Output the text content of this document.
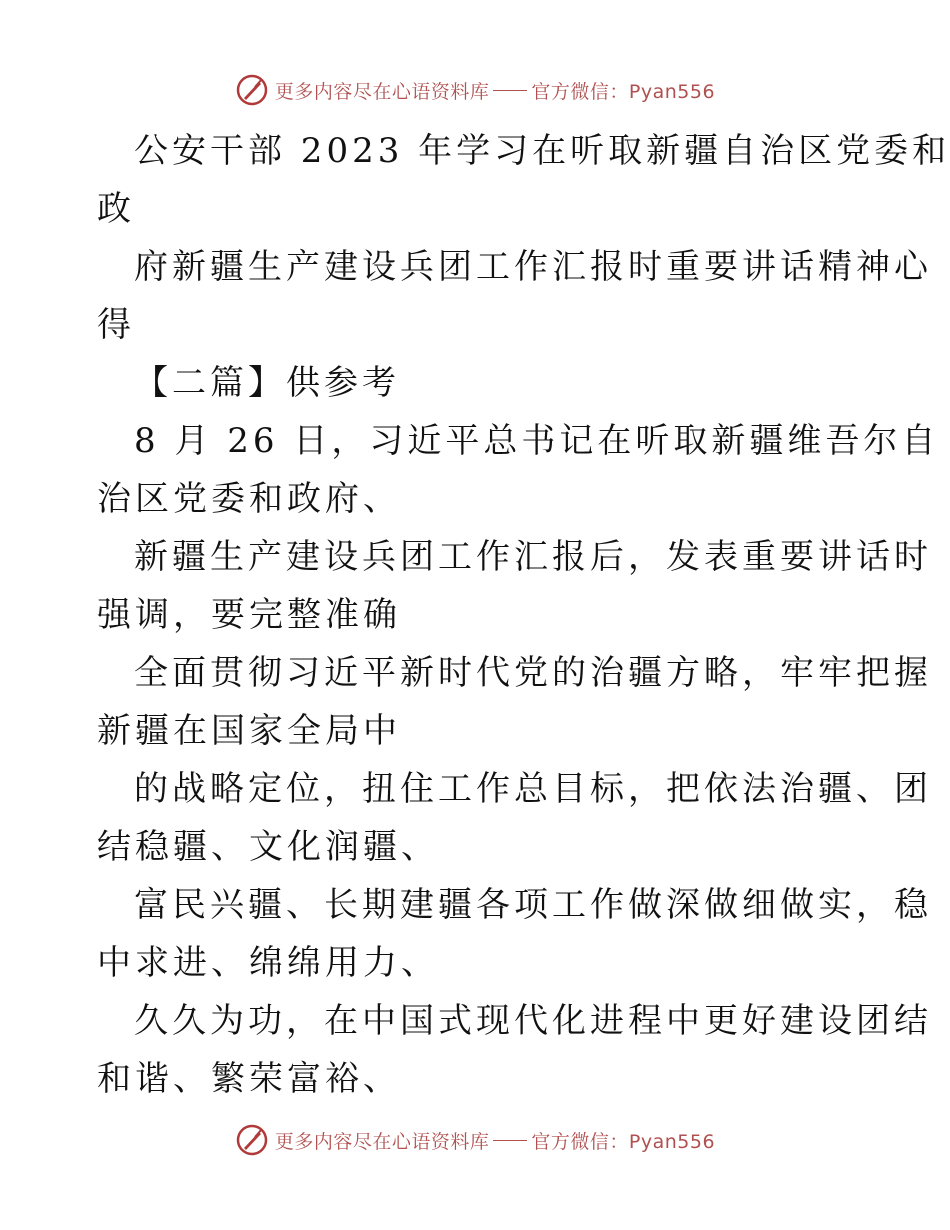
更多内容尽在心语资料库 官方微信：Pyan556
公安干部 2023 年学习在听取新疆自治区党委和
政
府新疆生产建设兵团工作汇报时重要讲话精神心
得
【二篇】供参考
8 月 26 日，习近平总书记在听取新疆维吾尔自
治区党委和政府、
新疆生产建设兵团工作汇报后，发表重要讲话时
强调，要完整准确
全面贯彻习近平新时代党的治疆方略，牢牢把握
新疆在国家全局中
的战略定位，扭住工作总目标，把依法治疆、团
结稳疆、文化润疆、
富民兴疆、长期建疆各项工作做深做细做实，稳
中求进、绵绵用力、
久久为功，在中国式现代化进程中更好建设团结
和谐、繁荣富裕、
更多内容尽在心语资料库 官方微信：Pyan556
